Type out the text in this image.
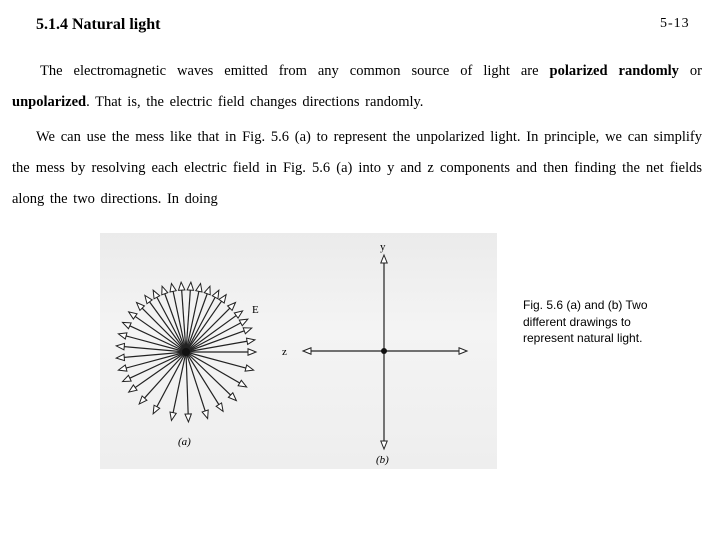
5.1.4 Natural light	5-13
The electromagnetic waves emitted from any common source of light are polarized randomly or unpolarized. That is, the electric field changes directions randomly.
We can use the mess like that in Fig. 5.6 (a) to represent the unpolarized light. In principle, we can simplify the mess by resolving each electric field in Fig. 5.6 (a) into y and z components and then finding the net fields along the two directions. In doing
E
(a)
y
z
(b)
Fig. 5.6 (a) and (b) Two
different drawings to
represent natural light.
